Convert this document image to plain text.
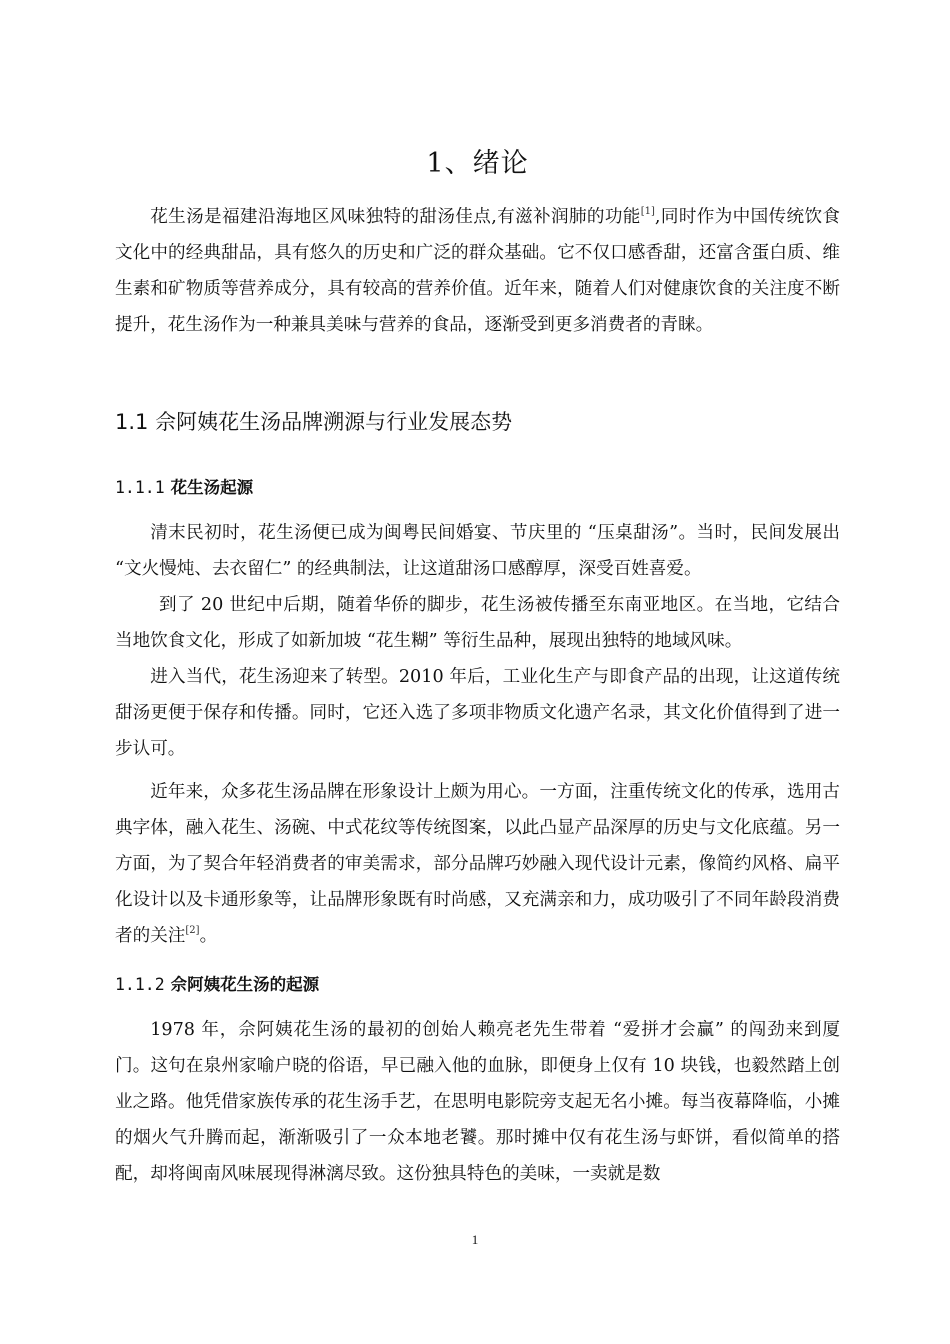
1、绪论

花生汤是福建沿海地区风味独特的甜汤佳点,有滋补润肺的功能[1],同时作为中国传统饮食文化中的经典甜品，具有悠久的历史和广泛的群众基础。它不仅口感香甜，还富含蛋白质、维生素和矿物质等营养成分，具有较高的营养价值。近年来，随着人们对健康饮食的关注度不断提升，花生汤作为一种兼具美味与营养的食品，逐渐受到更多消费者的青睐。

1.1 佘阿姨花生汤品牌溯源与行业发展态势
1.1.1 花生汤起源

清末民初时，花生汤便已成为闽粤民间婚宴、节庆里的 “压桌甜汤”。当时，民间发展出 “文火慢炖、去衣留仁” 的经典制法，让这道甜汤口感醇厚，深受百姓喜爱。

到了 20 世纪中后期，随着华侨的脚步，花生汤被传播至东南亚地区。在当地，它结合当地饮食文化，形成了如新加坡 “花生糊” 等衍生品种，展现出独特的地域风味。

进入当代，花生汤迎来了转型。2010 年后，工业化生产与即食产品的出现，让这道传统甜汤更便于保存和传播。同时，它还入选了多项非物质文化遗产名录，其文化价值得到了进一步认可。

近年来，众多花生汤品牌在形象设计上颇为用心。一方面，注重传统文化的传承，选用古典字体，融入花生、汤碗、中式花纹等传统图案，以此凸显产品深厚的历史与文化底蕴。另一方面，为了契合年轻消费者的审美需求，部分品牌巧妙融入现代设计元素，像简约风格、扁平化设计以及卡通形象等，让品牌形象既有时尚感，又充满亲和力，成功吸引了不同年龄段消费者的关注[2]。

1.1.2 佘阿姨花生汤的起源

1978 年，佘阿姨花生汤的最初的创始人赖亮老先生带着 “爱拼才会赢” 的闯劲来到厦门。这句在泉州家喻户晓的俗语，早已融入他的血脉，即便身上仅有 10 块钱，也毅然踏上创业之路。他凭借家族传承的花生汤手艺，在思明电影院旁支起无名小摊。每当夜幕降临，小摊的烟火气升腾而起，渐渐吸引了一众本地老饕。那时摊中仅有花生汤与虾饼，看似简单的搭配，却将闽南风味展现得淋漓尽致。这份独具特色的美味，一卖就是数

1
